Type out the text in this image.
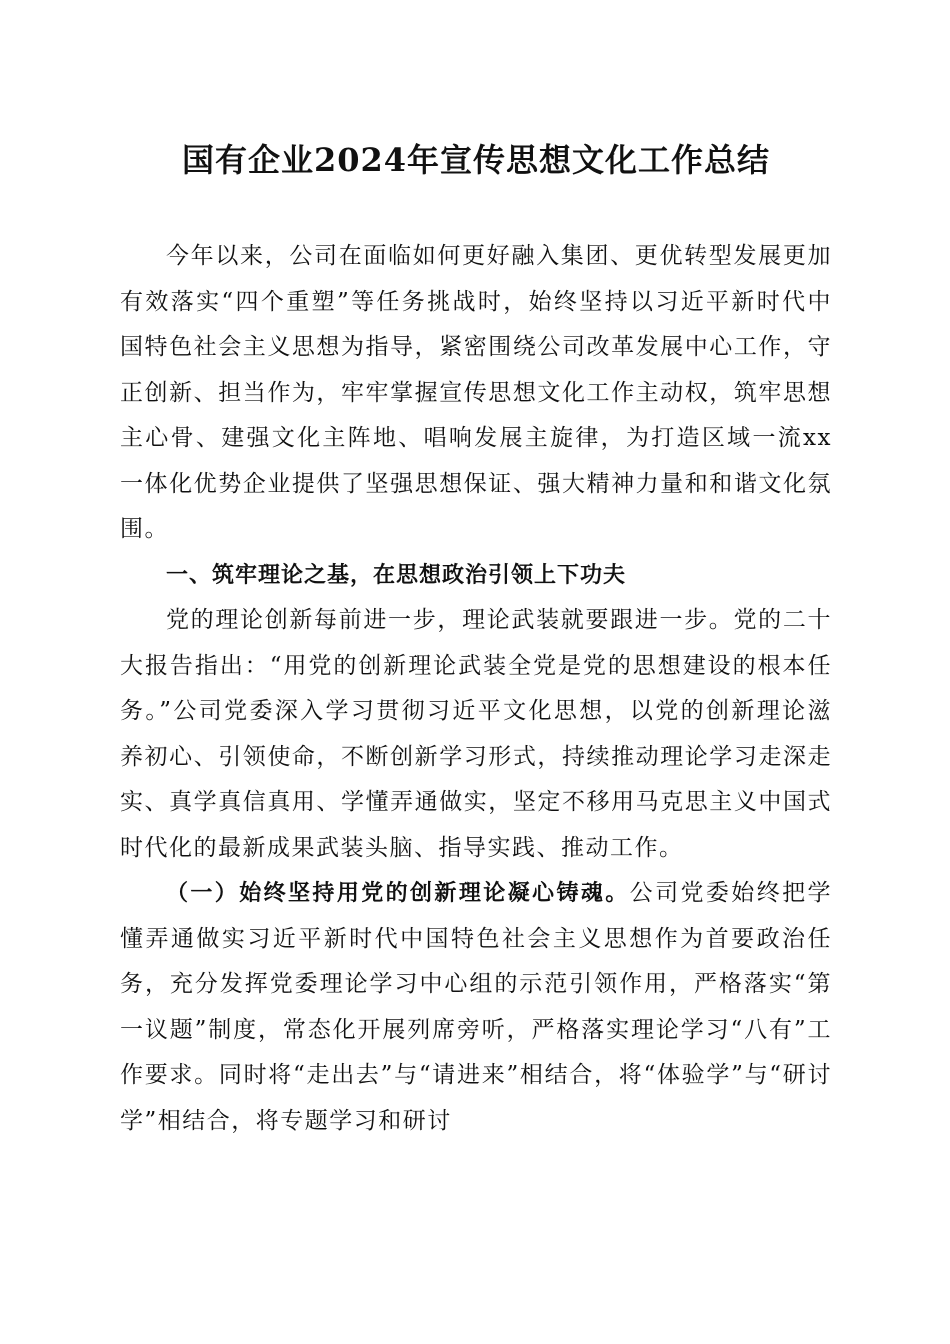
国有企业2024年宣传思想文化工作总结

今年以来，公司在面临如何更好融入集团、更优转型发展更加有效落实“四个重塑”等任务挑战时，始终坚持以习近平新时代中国特色社会主义思想为指导，紧密围绕公司改革发展中心工作，守正创新、担当作为，牢牢掌握宣传思想文化工作主动权，筑牢思想主心骨、建强文化主阵地、唱响发展主旋律，为打造区域一流xx一体化优势企业提供了坚强思想保证、强大精神力量和和谐文化氛围。

一、筑牢理论之基，在思想政治引领上下功夫

党的理论创新每前进一步，理论武装就要跟进一步。党的二十大报告指出：“用党的创新理论武装全党是党的思想建设的根本任务。”公司党委深入学习贯彻习近平文化思想，以党的创新理论滋养初心、引领使命，不断创新学习形式，持续推动理论学习走深走实、真学真信真用、学懂弄通做实，坚定不移用马克思主义中国式时代化的最新成果武装头脑、指导实践、推动工作。

（一）始终坚持用党的创新理论凝心铸魂。公司党委始终把学懂弄通做实习近平新时代中国特色社会主义思想作为首要政治任务，充分发挥党委理论学习中心组的示范引领作用，严格落实“第一议题”制度，常态化开展列席旁听，严格落实理论学习“八有”工作要求。同时将“走出去”与“请进来”相结合，将“体验学”与“研讨学”相结合，将专题学习和研讨
